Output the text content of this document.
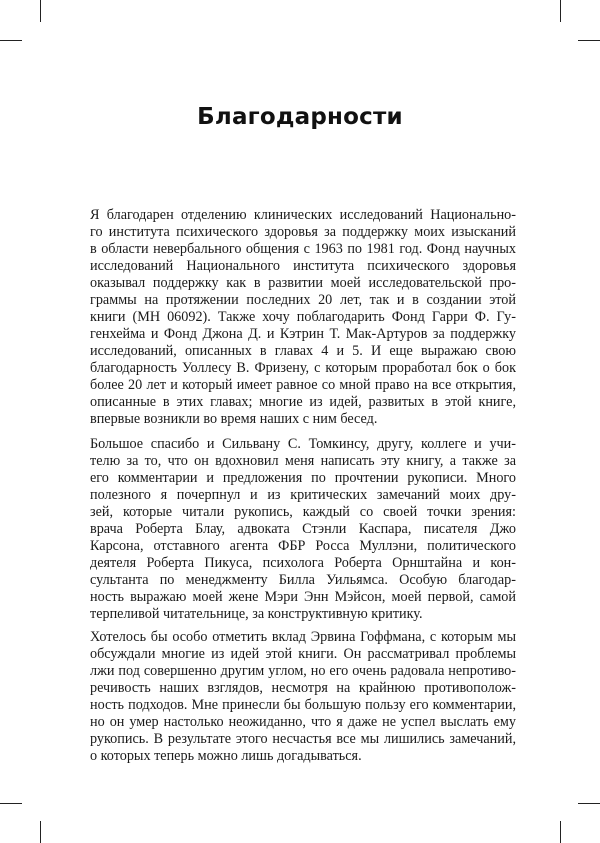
Благодарности
Я благодарен отделению клинических исследований Национально-
го института психического здоровья за поддержку моих изысканий
в области невербального общения с 1963 по 1981 год. Фонд научных
исследований Национального института психического здоровья
оказывал поддержку как в развитии моей исследовательской про-
граммы на протяжении последних 20 лет, так и в создании этой
книги (МН 06092). Также хочу поблагодарить Фонд Гарри Ф. Гу-
генхейма и Фонд Джона Д. и Кэтрин Т. Мак-Артуров за поддержку
исследований, описанных в главах 4 и 5. И еще выражаю свою
благодарность Уоллесу В. Фризену, с которым проработал бок о бок
более 20 лет и который имеет равное со мной право на все открытия,
описанные в этих главах; многие из идей, развитых в этой книге,
впервые возникли во время наших с ним бесед.
Большое спасибо и Сильвану С. Томкинсу, другу, коллеге и учи-
телю за то, что он вдохновил меня написать эту книгу, а также за
его комментарии и предложения по прочтении рукописи. Много
полезного я почерпнул и из критических замечаний моих дру-
зей, которые читали рукопись, каждый со своей точки зрения:
врача Роберта Блау, адвоката Стэнли Каспара, писателя Джо
Карсона, отставного агента ФБР Росса Муллэни, политического
деятеля Роберта Пикуса, психолога Роберта Орнштайна и кон-
сультанта по менеджменту Билла Уильямса. Особую благодар-
ность выражаю моей жене Мэри Энн Мэйсон, моей первой, самой
терпеливой читательнице, за конструктивную критику.
Хотелось бы особо отметить вклад Эрвина Гоффмана, с которым мы
обсуждали многие из идей этой книги. Он рассматривал проблемы
лжи под совершенно другим углом, но его очень радовала непротиво-
речивость наших взглядов, несмотря на крайнюю противополож-
ность подходов. Мне принесли бы большую пользу его комментарии,
но он умер настолько неожиданно, что я даже не успел выслать ему
рукопись. В результате этого несчастья все мы лишились замечаний,
о которых теперь можно лишь догадываться.
